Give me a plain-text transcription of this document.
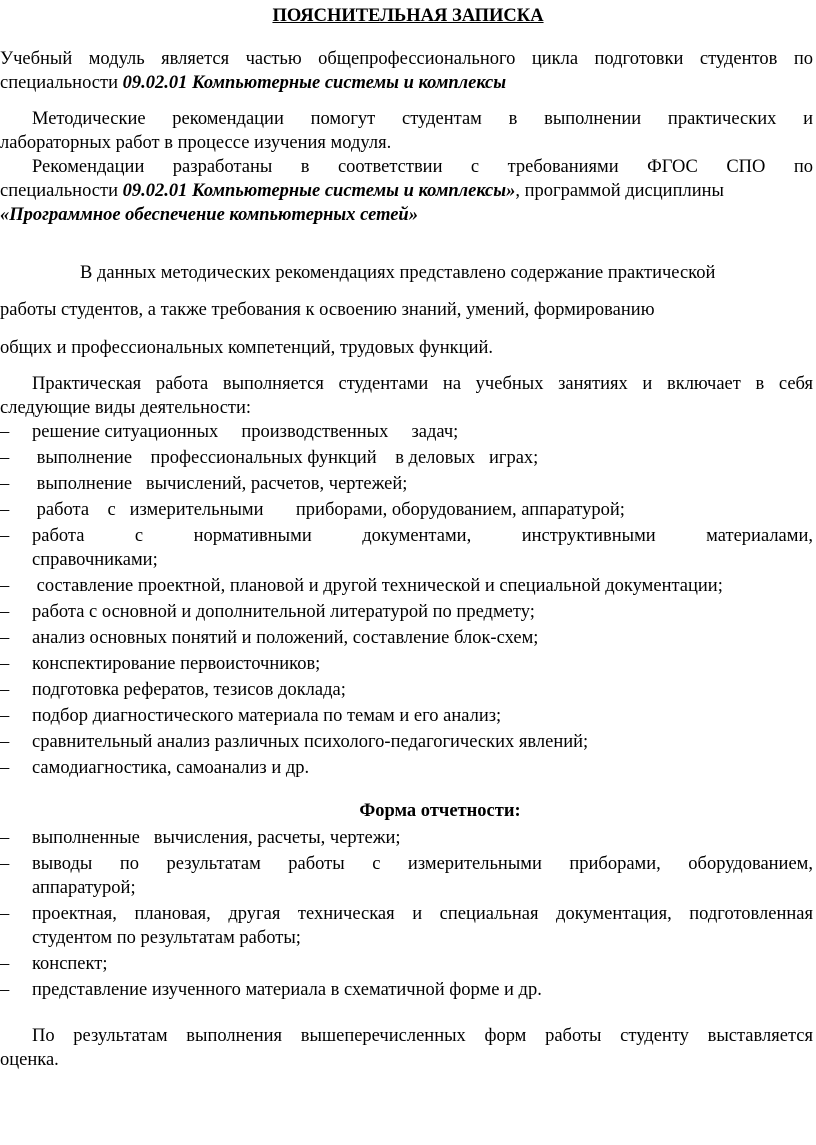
ПОЯСНИТЕЛЬНАЯ ЗАПИСКА
Учебный модуль является частью общепрофессионального цикла подготовки студентов по
специальности 09.02.01 Компьютерные системы и комплексы
Методические рекомендации помогут студентам в выполнении практических и
лабораторных работ в процессе изучения модуля.
Рекомендации разработаны в соответствии с требованиями ФГОС СПО по
специальности 09.02.01 Компьютерные системы и комплексы», программой дисциплины
«Программное обеспечение компьютерных сетей»
В данных методических рекомендациях представлено содержание практической
работы студентов, а также требования к освоению знаний, умений, формированию
общих и профессиональных компетенций, трудовых функций.
Практическая работа выполняется студентами на учебных занятиях и включает в себя
следующие виды деятельности:
– решение ситуационных     производственных     задач;
– выполнение    профессиональных функций    в деловых   играх;
– выполнение   вычислений, расчетов, чертежей;
– работа    с   измерительными       приборами, оборудованием, аппаратурой;
– работа с нормативными документами, инструктивными материалами,
справочниками;
– составление проектной, плановой и другой технической и специальной документации;
– работа с основной и дополнительной литературой по предмету;
– анализ основных понятий и положений, составление блок-схем;
– конспектирование первоисточников;
– подготовка рефератов, тезисов доклада;
– подбор диагностического материала по темам и его анализ;
– сравнительный анализ различных психолого-педагогических явлений;
– самодиагностика, самоанализ и др.
Форма отчетности:
– выполненные   вычисления, расчеты, чертежи;
– выводы по результатам работы с измерительными приборами, оборудованием,
аппаратурой;
– проектная, плановая, другая техническая и специальная документация, подготовленная
студентом по результатам работы;
– конспект;
– представление изученного материала в схематичной форме и др.
По результатам выполнения вышеперечисленных форм работы студенту выставляется
оценка.
